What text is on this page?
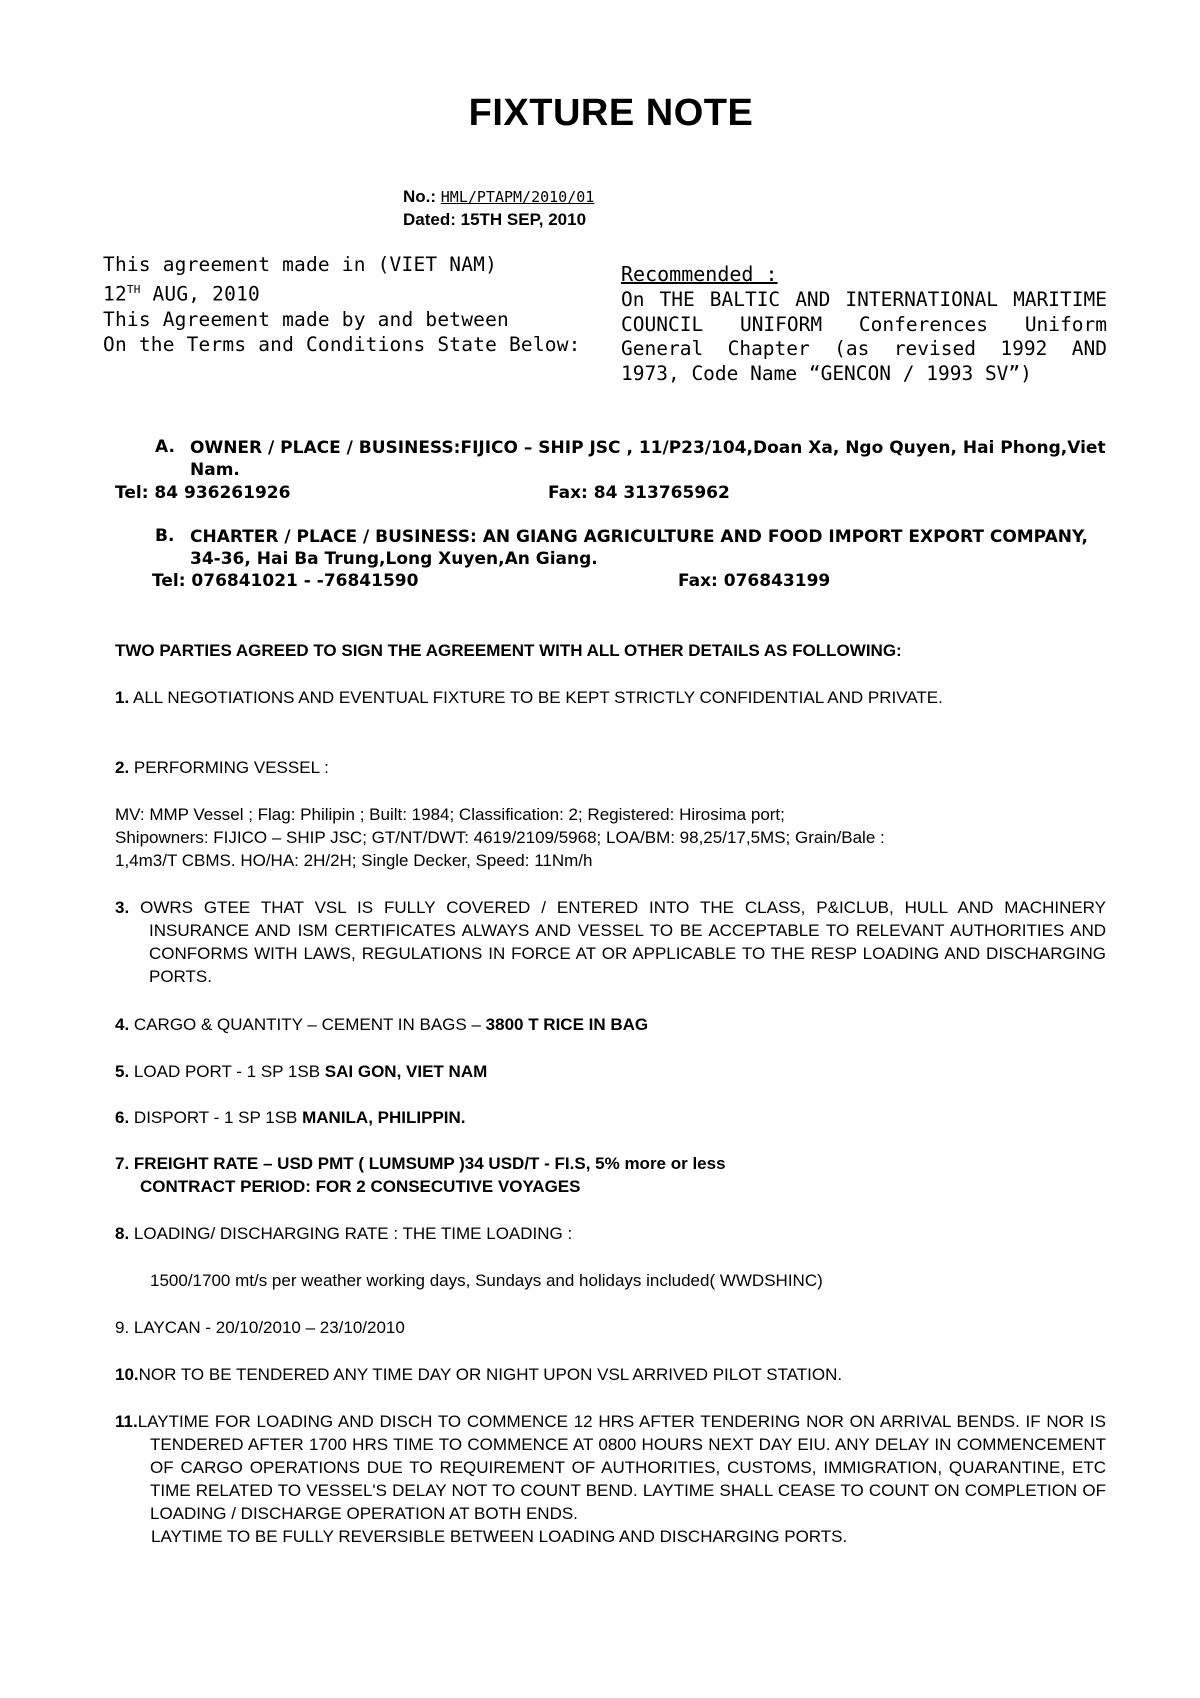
FIXTURE NOTE
No.: HML/PTAPM/2010/01
Dated: 15TH SEP, 2010
This agreement made in (VIET NAM)
12TH AUG, 2010
This Agreement made by and between
On the Terms and Conditions State Below:
Recommended :
On THE BALTIC AND INTERNATIONAL MARITIME COUNCIL UNIFORM Conferences Uniform General Chapter (as revised 1992 AND 1973, Code Name “GENCON / 1993 SV”)
A. OWNER / PLACE / BUSINESS:FIJICO – SHIP JSC , 11/P23/104,Doan Xa, Ngo Quyen, Hai Phong,Viet Nam.
Tel: 84 936261926	Fax: 84 313765962
B. CHARTER / PLACE / BUSINESS: AN GIANG AGRICULTURE AND FOOD IMPORT EXPORT COMPANY, 34-36, Hai Ba Trung,Long Xuyen,An Giang.
Tel: 076841021 - -76841590	Fax: 076843199
TWO PARTIES AGREED TO SIGN THE AGREEMENT WITH ALL OTHER DETAILS AS FOLLOWING:
1. ALL NEGOTIATIONS AND EVENTUAL FIXTURE TO BE KEPT STRICTLY CONFIDENTIAL AND PRIVATE.
2. PERFORMING VESSEL :
MV: MMP Vessel ; Flag: Philipin ; Built: 1984; Classification: 2; Registered: Hirosima port;
Shipowners: FIJICO – SHIP JSC; GT/NT/DWT: 4619/2109/5968; LOA/BM: 98,25/17,5MS; Grain/Bale :
1,4m3/T CBMS. HO/HA: 2H/2H; Single Decker, Speed: 11Nm/h
3. OWRS GTEE THAT VSL IS FULLY COVERED / ENTERED INTO THE CLASS, P&ICLUB, HULL AND MACHINERY INSURANCE AND ISM CERTIFICATES ALWAYS AND VESSEL TO BE ACCEPTABLE TO RELEVANT AUTHORITIES AND CONFORMS WITH LAWS, REGULATIONS IN FORCE AT OR APPLICABLE TO THE RESP LOADING AND DISCHARGING PORTS.
4. CARGO & QUANTITY – CEMENT IN BAGS – 3800 T RICE IN BAG
5. LOAD PORT - 1 SP 1SB SAI GON, VIET NAM
6. DISPORT - 1 SP 1SB MANILA, PHILIPPIN.
7. FREIGHT RATE – USD PMT ( LUMSUMP )34 USD/T - FI.S, 5% more or less
CONTRACT PERIOD: FOR 2 CONSECUTIVE VOYAGES
8. LOADING/ DISCHARGING RATE : THE TIME LOADING :
1500/1700 mt/s per weather working days, Sundays and holidays included( WWDSHINC)
9. LAYCAN - 20/10/2010 – 23/10/2010
10.NOR TO BE TENDERED ANY TIME DAY OR NIGHT UPON VSL ARRIVED PILOT STATION.
11.LAYTIME FOR LOADING AND DISCH TO COMMENCE 12 HRS AFTER TENDERING NOR ON ARRIVAL BENDS. IF NOR IS TENDERED AFTER 1700 HRS TIME TO COMMENCE AT 0800 HOURS NEXT DAY EIU. ANY DELAY IN COMMENCEMENT OF CARGO OPERATIONS DUE TO REQUIREMENT OF AUTHORITIES, CUSTOMS, IMMIGRATION, QUARANTINE, ETC TIME RELATED TO VESSEL'S DELAY NOT TO COUNT BEND. LAYTIME SHALL CEASE TO COUNT ON COMPLETION OF LOADING / DISCHARGE OPERATION AT BOTH ENDS.
LAYTIME TO BE FULLY REVERSIBLE BETWEEN LOADING AND DISCHARGING PORTS.
